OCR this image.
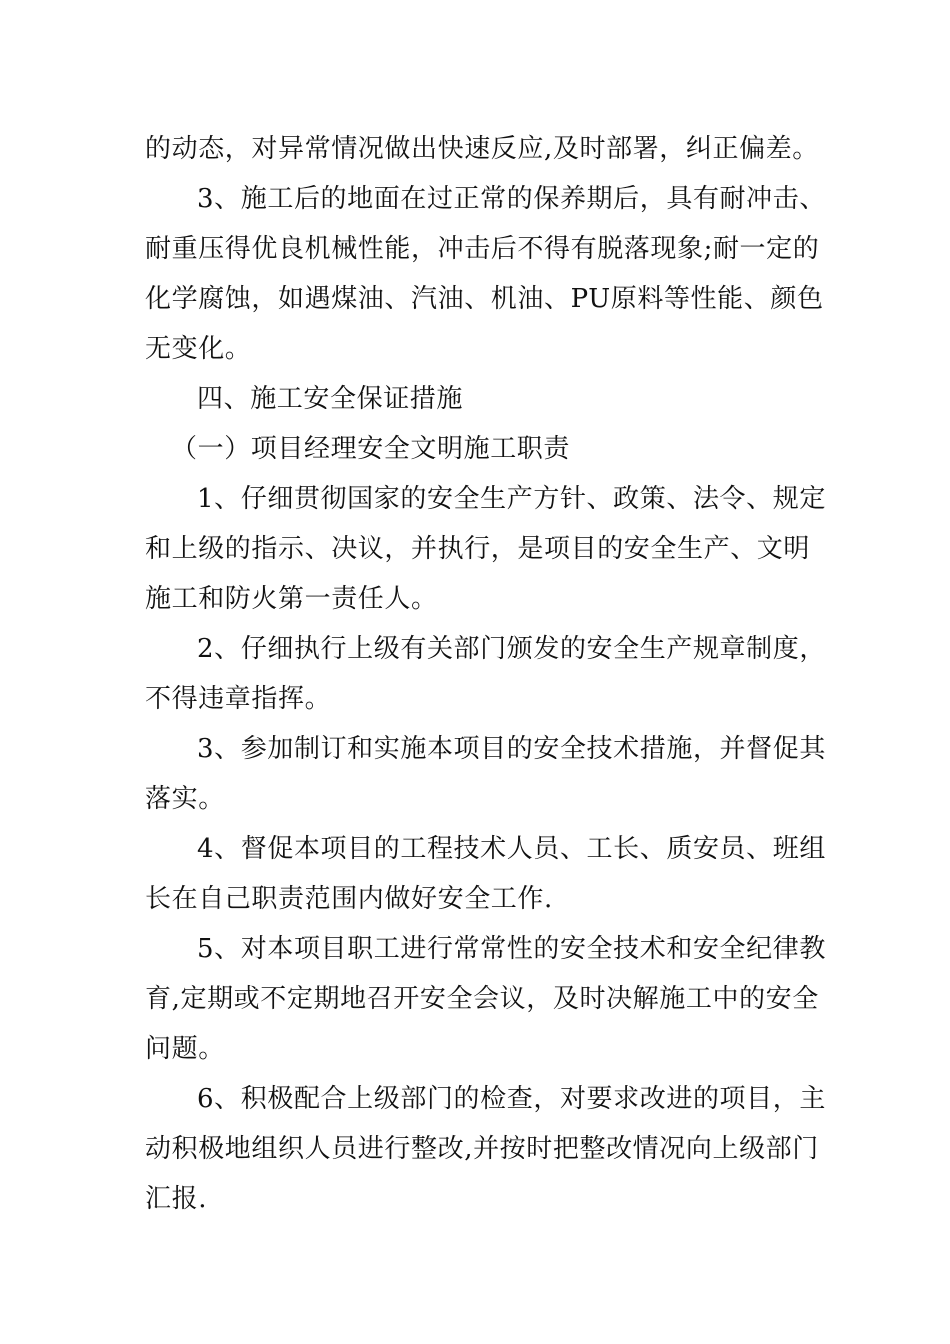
的动态，对异常情况做出快速反应,及时部署，纠正偏差。
3、施工后的地面在过正常的保养期后，具有耐冲击、
耐重压得优良机械性能，冲击后不得有脱落现象;耐一定的
化学腐蚀，如遇煤油、汽油、机油、PU原料等性能、颜色
无变化。
四、施工安全保证措施
（一）项目经理安全文明施工职责
1、仔细贯彻国家的安全生产方针、政策、法令、规定
和上级的指示、决议，并执行，是项目的安全生产、文明
施工和防火第一责任人。
2、仔细执行上级有关部门颁发的安全生产规章制度，
不得违章指挥。
3、参加制订和实施本项目的安全技术措施，并督促其
落实。
4、督促本项目的工程技术人员、工长、质安员、班组
长在自己职责范围内做好安全工作.
5、对本项目职工进行常常性的安全技术和安全纪律教
育,定期或不定期地召开安全会议，及时决解施工中的安全
问题。
6、积极配合上级部门的检查，对要求改进的项目，主
动积极地组织人员进行整改,并按时把整改情况向上级部门
汇报.
